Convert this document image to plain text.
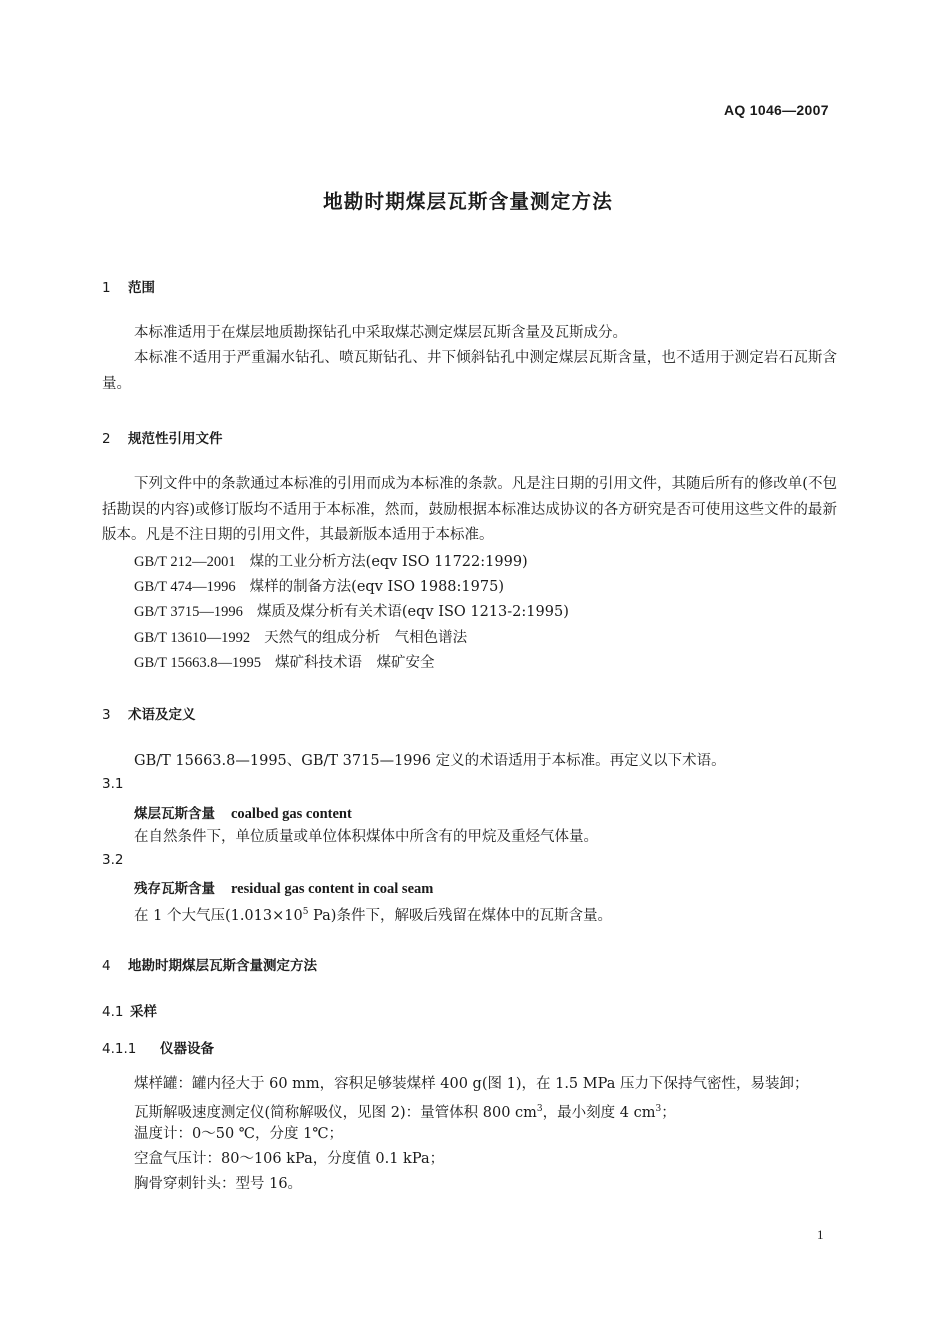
AQ 1046—2007
地勘时期煤层瓦斯含量测定方法
1 范围
本标准适用于在煤层地质勘探钻孔中采取煤芯测定煤层瓦斯含量及瓦斯成分。
本标准不适用于严重漏水钻孔、喷瓦斯钻孔、井下倾斜钻孔中测定煤层瓦斯含量，也不适用于测定岩石瓦斯含量。
2 规范性引用文件
下列文件中的条款通过本标准的引用而成为本标准的条款。凡是注日期的引用文件，其随后所有的修改单(不包括勘误的内容)或修订版均不适用于本标准，然而，鼓励根据本标准达成协议的各方研究是否可使用这些文件的最新版本。凡是不注日期的引用文件，其最新版本适用于本标准。
GB/T 212—2001 煤的工业分析方法(eqv ISO 11722:1999)
GB/T 474—1996 煤样的制备方法(eqv ISO 1988:1975)
GB/T 3715—1996 煤质及煤分析有关术语(eqv ISO 1213-2:1995)
GB/T 13610—1992 天然气的组成分析　气相色谱法
GB/T 15663.8—1995 煤矿科技术语　煤矿安全
3 术语及定义
GB/T 15663.8—1995、GB/T 3715—1996 定义的术语适用于本标准。再定义以下术语。
3.1
煤层瓦斯含量 coalbed gas content
在自然条件下，单位质量或单位体积煤体中所含有的甲烷及重烃气体量。
3.2
残存瓦斯含量 residual gas content in coal seam
在 1 个大气压($1.013\times 10^5$ Pa)条件下，解吸后残留在煤体中的瓦斯含量。
4 地勘时期煤层瓦斯含量测定方法
4.1 采样
4.1.1 仪器设备
煤样罐：罐内径大于 60 mm，容积足够装煤样 400 g(图 1)，在 1.5 MPa 压力下保持气密性，易装卸；
瓦斯解吸速度测定仪(简称解吸仪，见图 2)：量管体积 800 $cm^3$，最小刻度 4 $cm^3$；
温度计：0～50 ℃，分度 1℃；
空盒气压计：80～106 kPa，分度值 0.1 kPa；
胸骨穿刺针头：型号 16。
1
